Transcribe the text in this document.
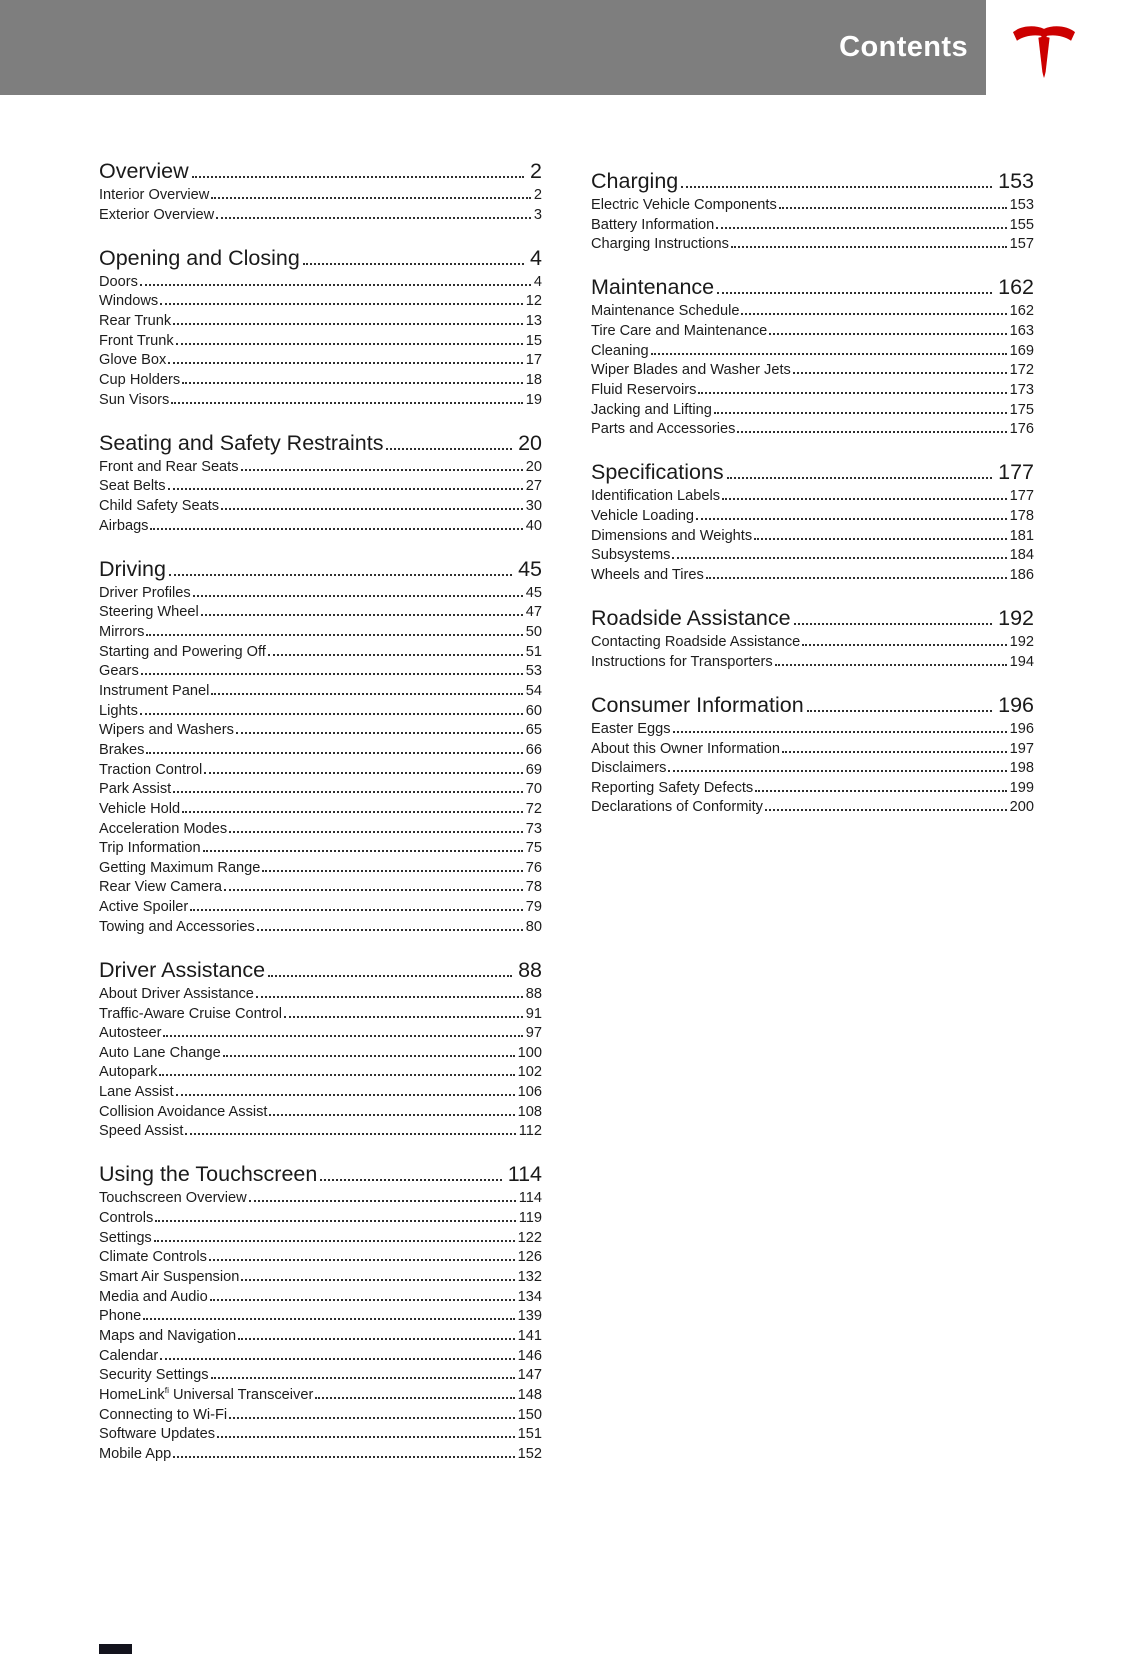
Contents
Overview	2
Interior Overview	2
Exterior Overview	3
Opening and Closing	4
Doors	4
Windows	12
Rear Trunk	13
Front Trunk	15
Glove Box	17
Cup Holders	18
Sun Visors	19
Seating and Safety Restraints	20
Front and Rear Seats	20
Seat Belts	27
Child Safety Seats	30
Airbags	40
Driving	45
Driver Profiles	45
Steering Wheel	47
Mirrors	50
Starting and Powering Off	51
Gears	53
Instrument Panel	54
Lights	60
Wipers and Washers	65
Brakes	66
Traction Control	69
Park Assist	70
Vehicle Hold	72
Acceleration Modes	73
Trip Information	75
Getting Maximum Range	76
Rear View Camera	78
Active Spoiler	79
Towing and Accessories	80
Driver Assistance	88
About Driver Assistance	88
Traffic-Aware Cruise Control	91
Autosteer	97
Auto Lane Change	100
Autopark	102
Lane Assist	106
Collision Avoidance Assist	108
Speed Assist	112
Using the Touchscreen	114
Touchscreen Overview	114
Controls	119
Settings	122
Climate Controls	126
Smart Air Suspension	132
Media and Audio	134
Phone	139
Maps and Navigation	141
Calendar	146
Security Settings	147
HomeLink$^{fi}$ Universal Transceiver	148
Connecting to Wi-Fi	150
Software Updates	151
Mobile App	152
Charging	153
Electric Vehicle Components	153
Battery Information	155
Charging Instructions	157
Maintenance	162
Maintenance Schedule	162
Tire Care and Maintenance	163
Cleaning	169
Wiper Blades and Washer Jets	172
Fluid Reservoirs	173
Jacking and Lifting	175
Parts and Accessories	176
Specifications	177
Identification Labels	177
Vehicle Loading	178
Dimensions and Weights	181
Subsystems	184
Wheels and Tires	186
Roadside Assistance	192
Contacting Roadside Assistance	192
Instructions for Transporters	194
Consumer Information	196
Easter Eggs	196
About this Owner Information	197
Disclaimers	198
Reporting Safety Defects	199
Declarations of Conformity	200
